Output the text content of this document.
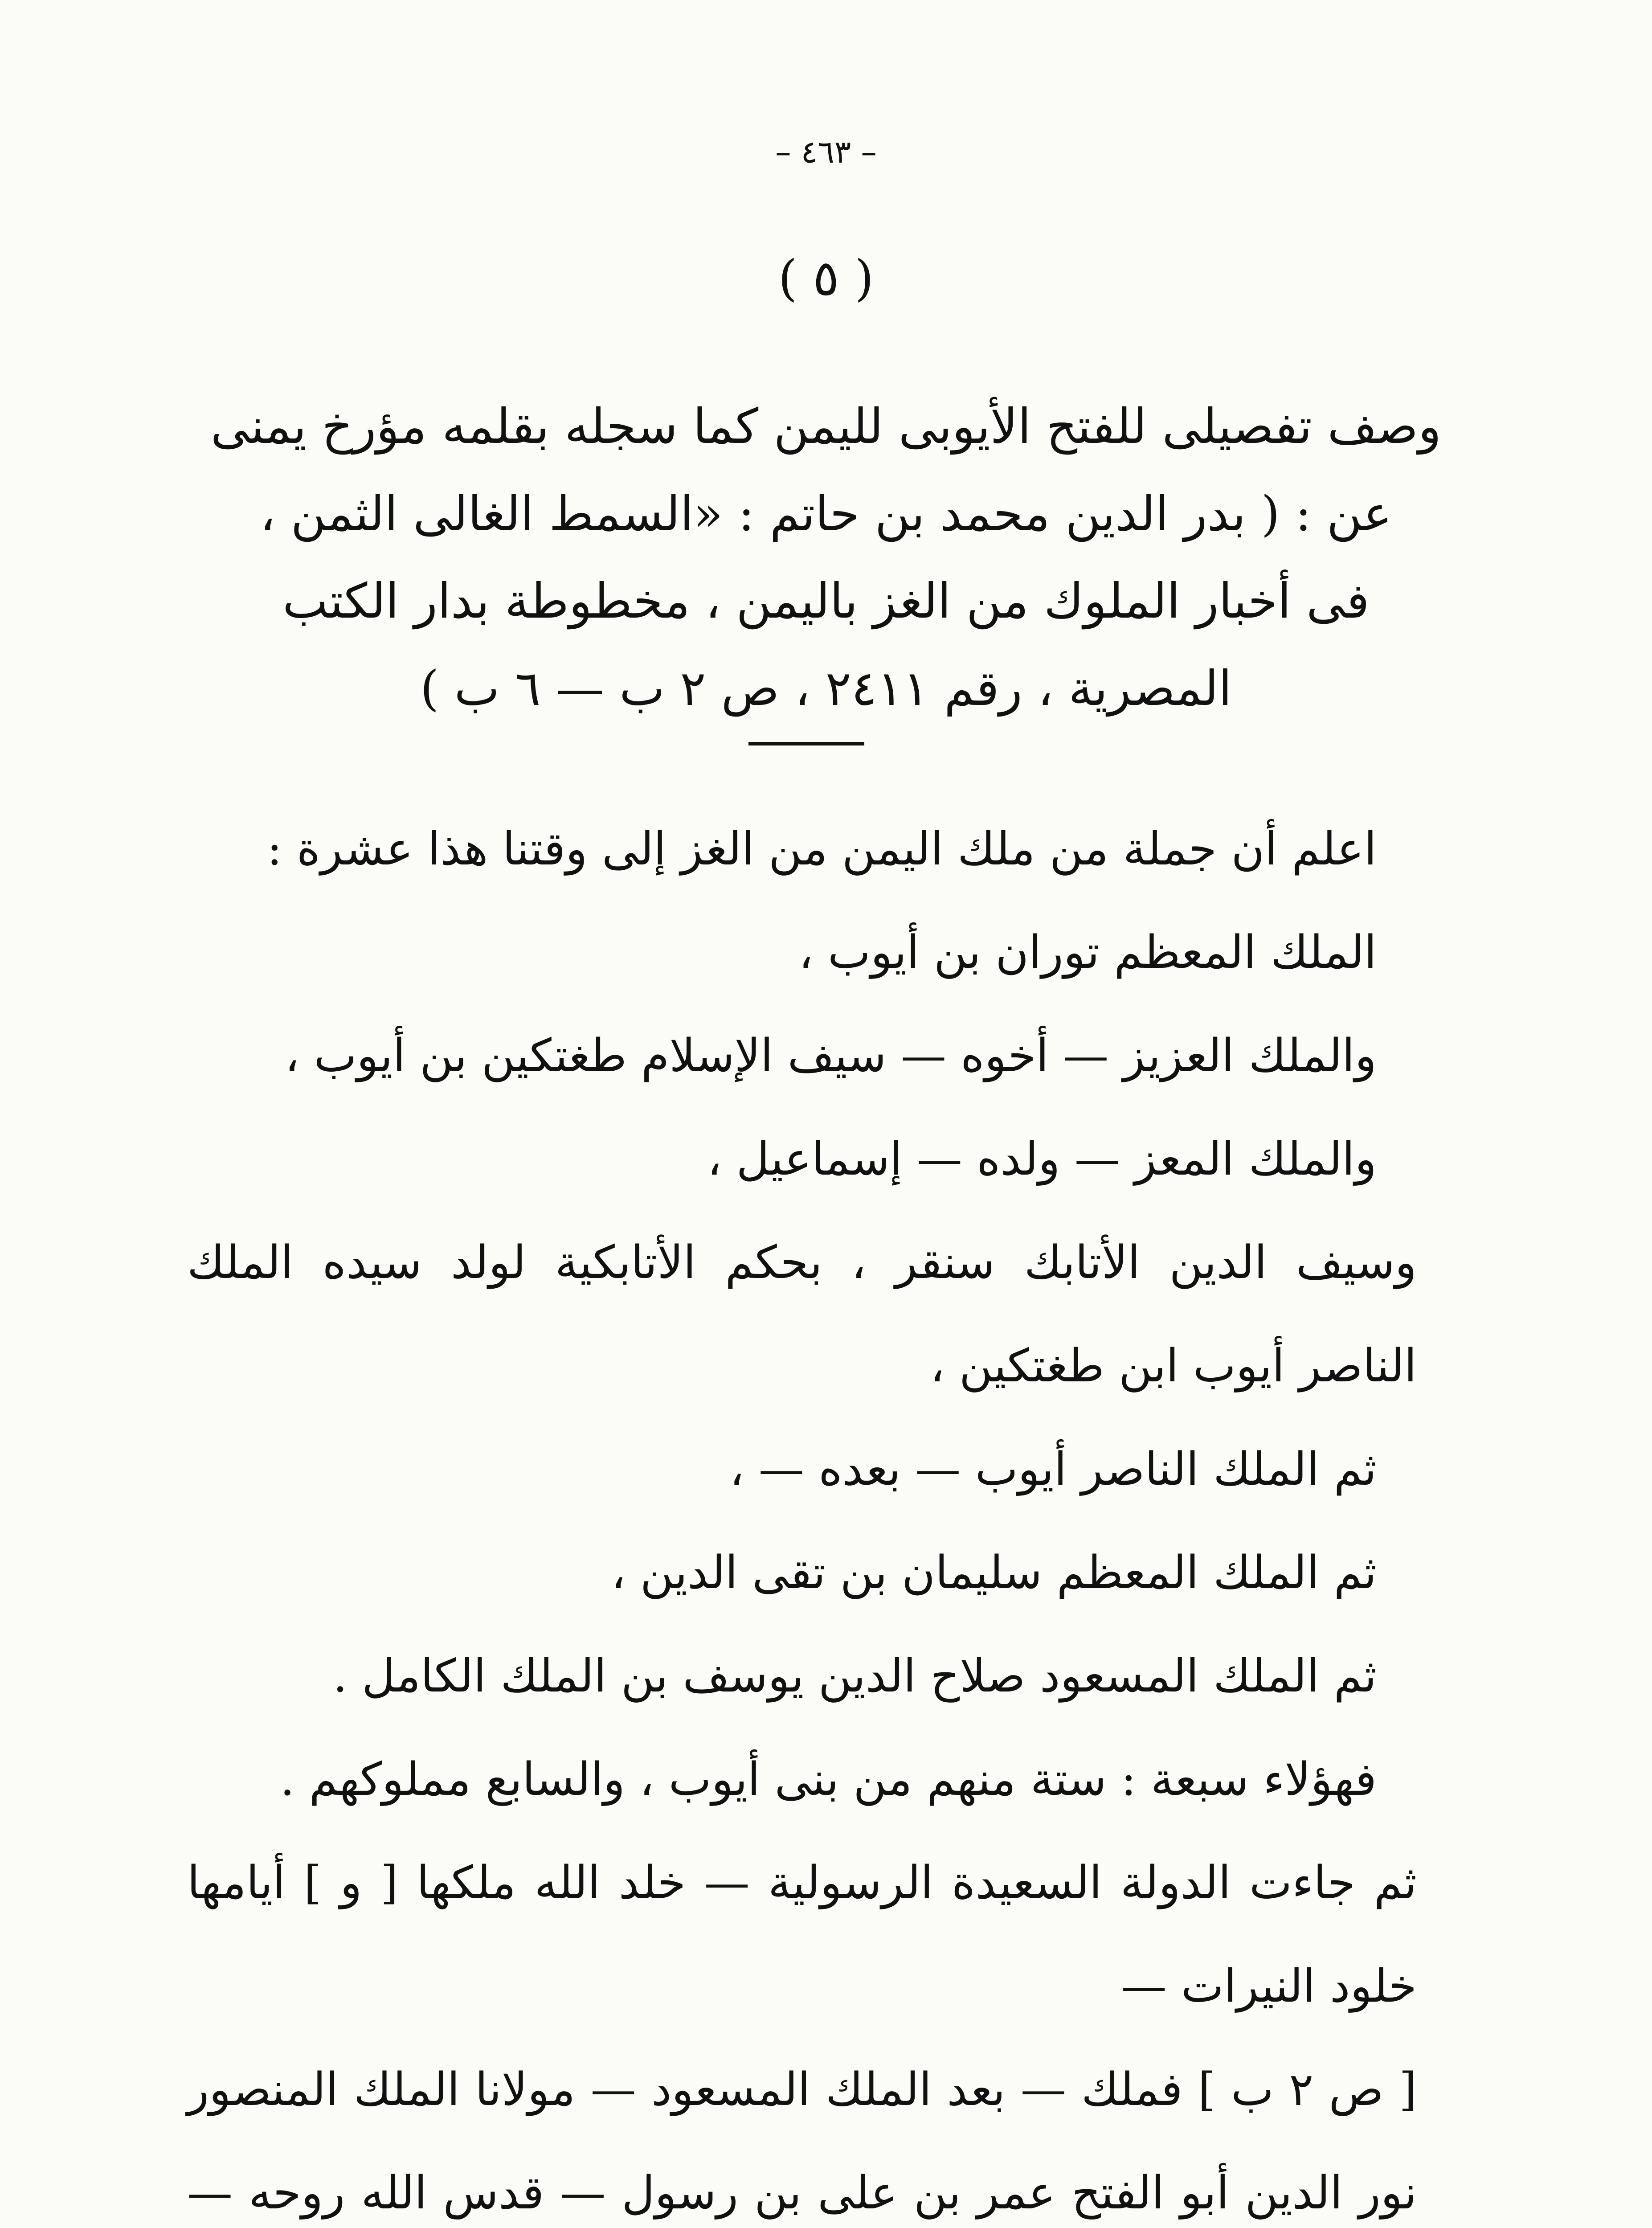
– ٤٦٣ –
( ٥ )
وصف تفصيلى للفتح الأيوبى لليمن كما سجله بقلمه مؤرخ يمنى
عن : ( بدر الدين محمد بن حاتم : «السمط الغالى الثمن ،
فى أخبار الملوك من الغز باليمن ، مخطوطة بدار الكتب
المصرية ، رقم ٢٤١١ ، ص ٢ ب — ٦ ب )

اعلم أن جملة من ملك اليمن من الغز إلى وقتنا هذا عشرة :

الملك المعظم توران بن أيوب ،

والملك العزيز — أخوه — سيف الإسلام طغتكين بن أيوب ،

والملك المعز — ولده — إسماعيل ،

وسيف الدين الأتابك سنقر ، بحكم الأتابكية لولد سيده الملك الناصر أيوب ابن طغتكين ،

ثم الملك الناصر أيوب — بعده — ،

ثم الملك المعظم سليمان بن تقى الدين ،

ثم الملك المسعود صلاح الدين يوسف بن الملك الكامل .

فهؤلاء سبعة : ستة منهم من بنى أيوب ، والسابع مملوكهم .

ثم جاءت الدولة السعيدة الرسولية — خلد الله ملكها [ و ] أيامها خلود النيرات —

[ ص ٢ ب ] فملك — بعد الملك المسعود — مولانا الملك المنصور نور الدين أبو الفتح عمر بن على بن رسول — قدس الله روحه —
